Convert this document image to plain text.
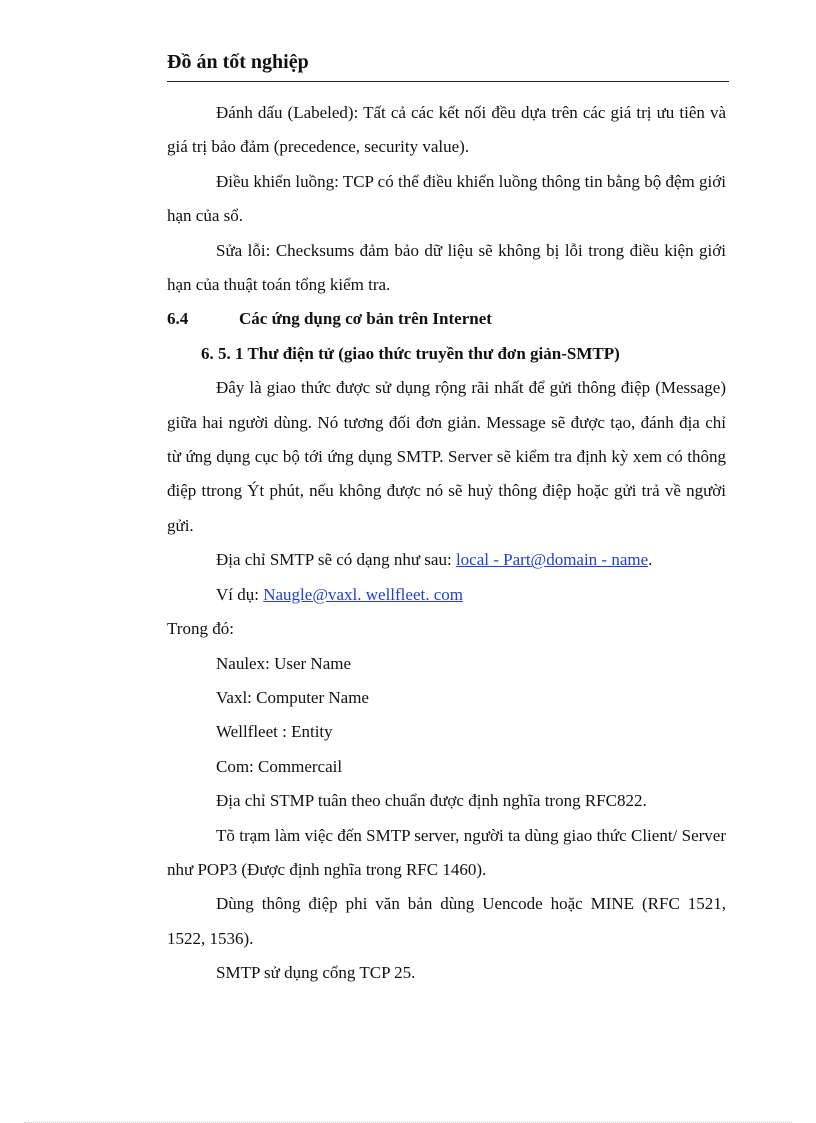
Đồ án tốt nghiệp

Đánh dấu (Labeled): Tất cả các kết nối đều dựa trên các giá trị ưu tiên và giá trị bảo đảm (precedence, security value).

Điều khiển luồng: TCP có thể điều khiển luồng thông tin bằng bộ đệm giới hạn của sổ.

Sửa lỗi: Checksums đảm bảo dữ liệu sẽ không bị lỗi trong điều kiện giới hạn của thuật toán tổng kiểm tra.

6.4	Các ứng dụng cơ bản trên Internet

6. 5. 1 Thư điện tử (giao thức truyền thư đơn giản-SMTP)

Đây là giao thức được sử dụng rộng rãi nhất để gửi thông điệp (Message) giữa hai người dùng. Nó tương đối đơn giản. Message sẽ được tạo, đánh địa chỉ từ ứng dụng cục bộ tới ứng dụng SMTP. Server sẽ kiểm tra định kỳ xem có thông điệp ttrong Ýt phút, nếu không được nó sẽ huỷ thông điệp hoặc gửi trả về người gửi.

Địa chỉ SMTP sẽ có dạng như sau: local - Part@domain - name.

Ví dụ: Naugle@vaxl. wellfleet. com

Trong đó:

Naulex: User Name

Vaxl: Computer Name

Wellfleet : Entity

Com: Commercail

Địa chỉ STMP tuân theo chuẩn được định nghĩa trong RFC822.

Tõ trạm làm việc đến SMTP server, người ta dùng giao thức Client/ Server như POP3 (Được định nghĩa trong RFC 1460).

Dùng thông điệp phi văn bản dùng Uencode hoặc MINE (RFC 1521, 1522, 1536).

SMTP sử dụng cổng TCP 25.
